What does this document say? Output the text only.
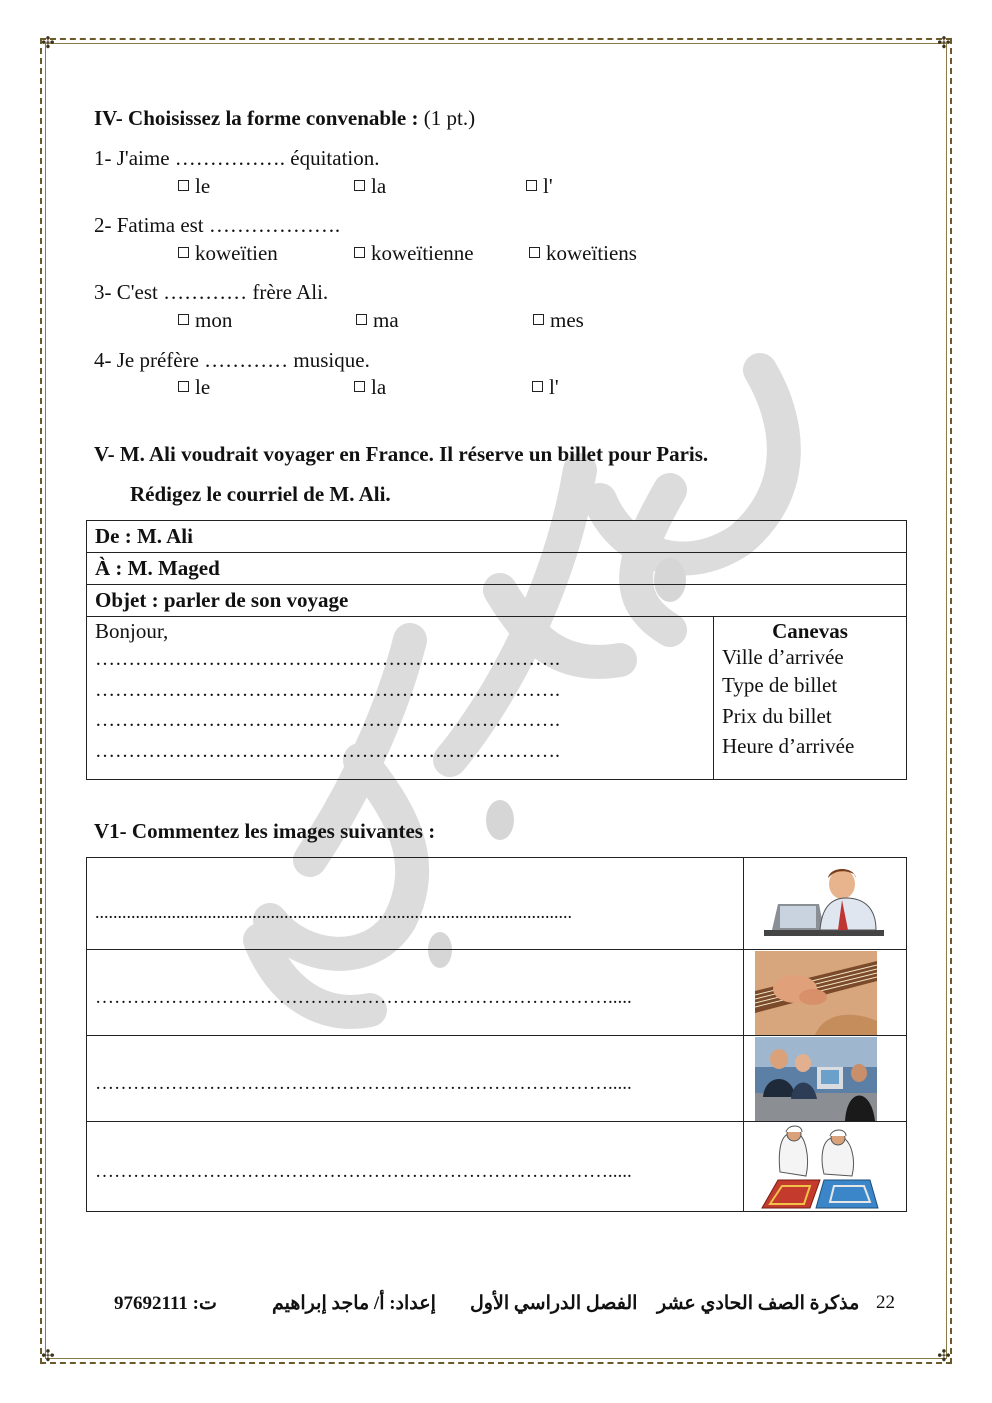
✣	✣
✣	✣
IV- Choisissez la forme convenable : (1 pt.)
1- J'aime ……………. équitation.
le	la	l'
2- Fatima est ……………….
koweïtien	koweïtienne	koweïtiens
3- C'est ………… frère Ali.
mon	ma	mes
4- Je préfère ………… musique.
le	la	l'
V- M. Ali voudrait voyager en France. Il réserve un billet pour Paris.
Rédigez le courriel de M. Ali.
De : M. Ali
À : M. Maged
Objet : parler de son voyage

Bonjour,
…………………………………………………………….
…………………………………………………………….
…………………………………………………………….
…………………………………………………………….

Canevas
Ville d’arrivée
Type de billet
Prix du billet
Heure d’arrivée
V1- Commentez les images suivantes :
..........................................................................................................

……………………………………………………………………….....

……………………………………………………………………….....

……………………………………………………………………….....

22
مذكرة الصف الحادي عشر
الفصل الدراسي الأول
إعداد: أ/ ماجد إبراهيم
ت: 97692111
